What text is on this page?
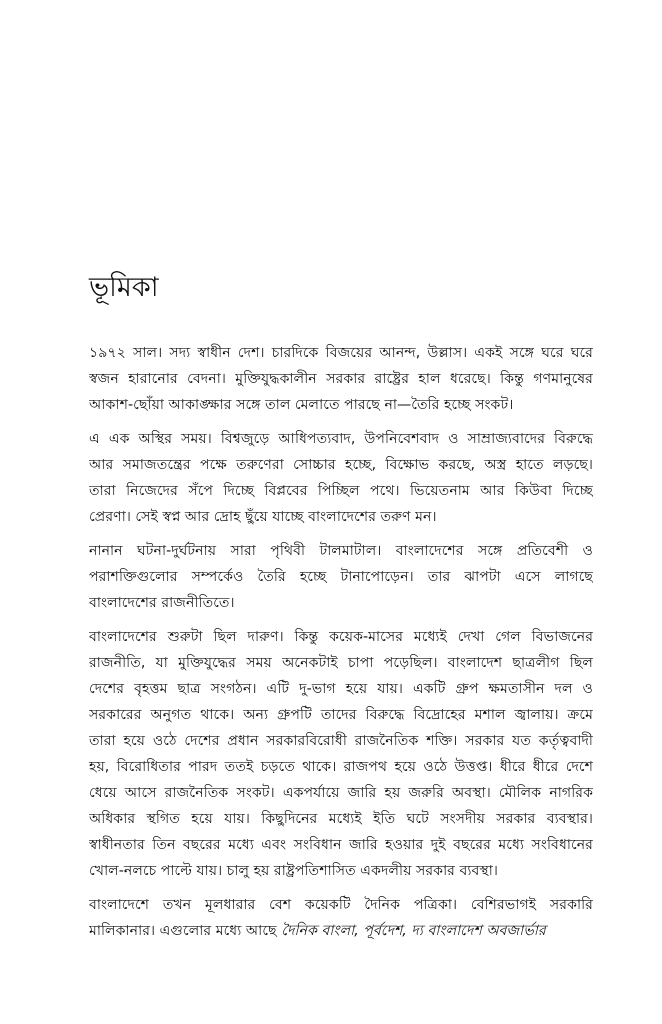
ভূমিকা
১৯৭২ সাল। সদ্য স্বাধীন দেশ। চারদিকে বিজয়ের আনন্দ, উল্লাস। একই সঙ্গে ঘরে ঘরে
স্বজন হারানোর বেদনা। মুক্তিযুদ্ধকালীন সরকার রাষ্ট্রের হাল ধরেছে। কিন্তু গণমানুষের
আকাশ-ছোঁয়া আকাঙ্ক্ষার সঙ্গে তাল মেলাতে পারছে না—তৈরি হচ্ছে সংকট।
এ এক অস্থির সময়। বিশ্বজুড়ে আধিপত্যবাদ, উপনিবেশবাদ ও সাম্রাজ্যবাদের বিরুদ্ধে
আর সমাজতন্ত্রের পক্ষে তরুণেরা সোচ্চার হচ্ছে, বিক্ষোভ করছে, অস্ত্র হাতে লড়ছে।
তারা নিজেদের সঁপে দিচ্ছে বিপ্লবের পিচ্ছিল পথে। ভিয়েতনাম আর কিউবা দিচ্ছে
প্রেরণা। সেই স্বপ্ন আর দ্রোহ ছুঁয়ে যাচ্ছে বাংলাদেশের তরুণ মন।
নানান ঘটনা-দুর্ঘটনায় সারা পৃথিবী টালমাটাল। বাংলাদেশের সঙ্গে প্রতিবেশী ও
পরাশক্তিগুলোর সম্পর্কেও তৈরি হচ্ছে টানাপোড়েন। তার ঝাপটা এসে লাগছে
বাংলাদেশের রাজনীতিতে।
বাংলাদেশের শুরুটা ছিল দারুণ। কিন্তু কয়েক-মাসের মধ্যেই দেখা গেল বিভাজনের
রাজনীতি, যা মুক্তিযুদ্ধের সময় অনেকটাই চাপা পড়েছিল। বাংলাদেশ ছাত্রলীগ ছিল
দেশের বৃহত্তম ছাত্র সংগঠন। এটি দু-ভাগ হয়ে যায়। একটি গ্রুপ ক্ষমতাসীন দল ও
সরকারের অনুগত থাকে। অন্য গ্রুপটি তাদের বিরুদ্ধে বিদ্রোহের মশাল জ্বালায়। ক্রমে
তারা হয়ে ওঠে দেশের প্রধান সরকারবিরোধী রাজনৈতিক শক্তি। সরকার যত কর্তৃত্ববাদী
হয়, বিরোধিতার পারদ ততই চড়তে থাকে। রাজপথ হয়ে ওঠে উত্তপ্ত। ধীরে ধীরে দেশে
ধেয়ে আসে রাজনৈতিক সংকট। একপর্যায়ে জারি হয় জরুরি অবস্থা। মৌলিক নাগরিক
অধিকার স্থগিত হয়ে যায়। কিছুদিনের মধ্যেই ইতি ঘটে সংসদীয় সরকার ব্যবস্থার।
স্বাধীনতার তিন বছরের মধ্যে এবং সংবিধান জারি হওয়ার দুই বছরের মধ্যে সংবিধানের
খোল-নলচে পাল্টে যায়। চালু হয় রাষ্ট্রপতিশাসিত একদলীয় সরকার ব্যবস্থা।
বাংলাদেশে তখন মূলধারার বেশ কয়েকটি দৈনিক পত্রিকা। বেশিরভাগই সরকারি
মালিকানার। এগুলোর মধ্যে আছে দৈনিক বাংলা, পূর্বদেশ, দ্য বাংলাদেশ অবজার্ভার
